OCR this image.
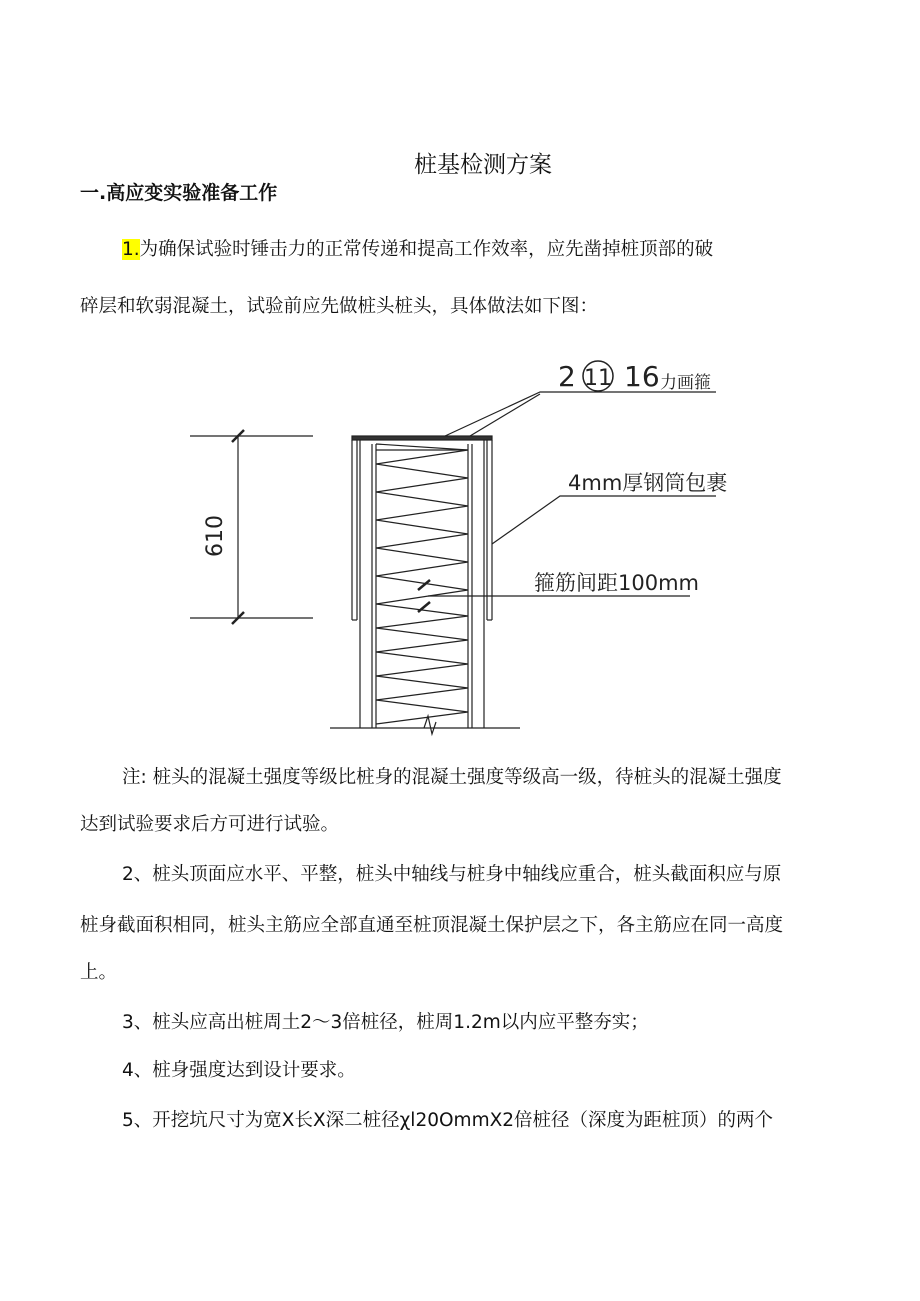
桩基检测方案
一.高应变实验准备工作
1.为确保试验时锤击力的正常传递和提高工作效率，应先凿掉桩顶部的破
碎层和软弱混凝土，试验前应先做桩头桩头，具体做法如下图：
610
2 11 16 力画箍
4mm厚钢筒包裹
箍筋间距100mm
注: 桩头的混凝土强度等级比桩身的混凝土强度等级高一级，待桩头的混凝土强度
达到试验要求后方可进行试验。
2、桩头顶面应水平、平整，桩头中轴线与桩身中轴线应重合，桩头截面积应与原
桩身截面积相同，桩头主筋应全部直通至桩顶混凝土保护层之下，各主筋应在同一高度
上。
3、桩头应高出桩周土2〜3倍桩径，桩周1.2m以内应平整夯实；
4、桩身强度达到设计要求。
5、开挖坑尺寸为宽X长X深二桩径χl20OmmX2倍桩径（深度为距桩顶）的两个
